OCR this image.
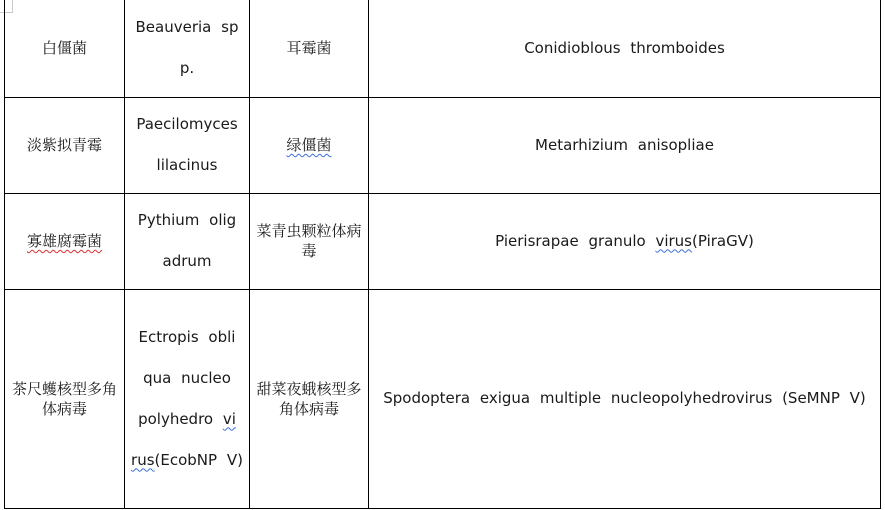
白僵菌	Beauveria sp p.	耳霉菌	Conidioblous thromboides
淡紫拟青霉	Paecilomyces lilacinus	绿僵菌	Metarhizium anisopliae
寡雄腐霉菌	Pythium olig adrum	菜青虫颗粒体病毒	Pierisrapae granulo virus(PiraGV)
茶尺蠖核型多角体病毒	Ectropis obli qua nucleo polyhedro vi rus(EcobNP V)	甜菜夜蛾核型多角体病毒	Spodoptera exigua multiple nucleopolyhedrovirus (SeMNP V)
